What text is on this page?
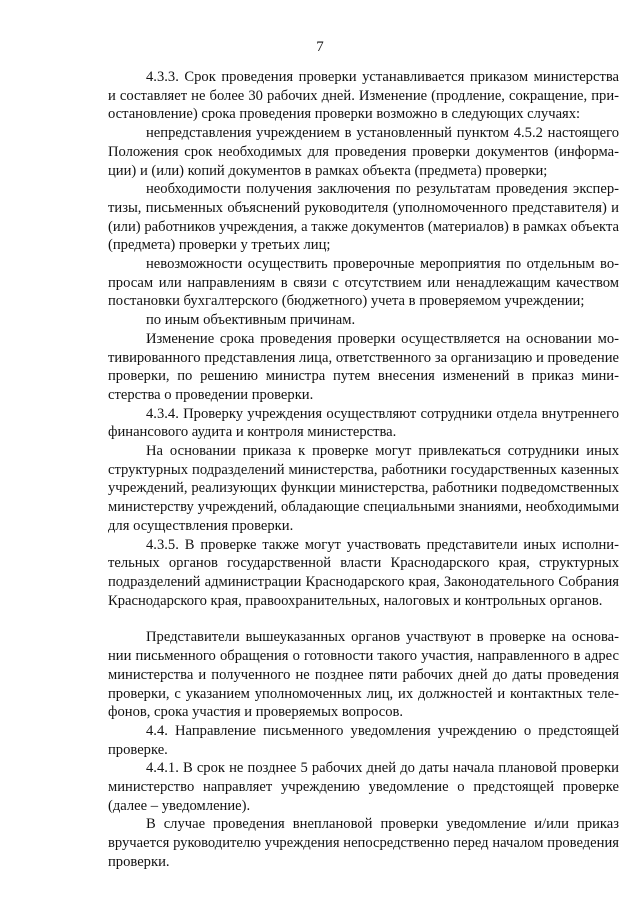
7

4.3.3. Срок проведения проверки устанавливается приказом министерства и составляет не более 30 рабочих дней. Изменение (продление, сокращение, приостановление) срока проведения проверки возможно в следующих случаях:

непредставления учреждением в установленный пунктом 4.5.2 настоящего Положения срок необходимых для проведения проверки документов (информации) и (или) копий документов в рамках объекта (предмета) проверки;

необходимости получения заключения по результатам проведения экспертизы, письменных объяснений руководителя (уполномоченного представителя) и (или) работников учреждения, а также документов (материалов) в рамках объекта (предмета) проверки у третьих лиц;

невозможности осуществить проверочные мероприятия по отдельным вопросам или направлениям в связи с отсутствием или ненадлежащим качеством постановки бухгалтерского (бюджетного) учета в проверяемом учреждении;

по иным объективным причинам.

Изменение срока проведения проверки осуществляется на основании мотивированного представления лица, ответственного за организацию и проведение проверки, по решению министра путем внесения изменений в приказ министерства о проведении проверки.

4.3.4. Проверку учреждения осуществляют сотрудники отдела внутреннего финансового аудита и контроля министерства.

На основании приказа к проверке могут привлекаться сотрудники иных структурных подразделений министерства, работники государственных казенных учреждений, реализующих функции министерства, работники подведомственных министерству учреждений, обладающие специальными знаниями, необходимыми для осуществления проверки.

4.3.5. В проверке также могут участвовать представители иных исполнительных органов государственной власти Краснодарского края, структурных подразделений администрации Краснодарского края, Законодательного Собрания Краснодарского края, правоохранительных, налоговых и контрольных органов.

Представители вышеуказанных органов участвуют в проверке на основании письменного обращения о готовности такого участия, направленного в адрес министерства и полученного не позднее пяти рабочих дней до даты проведения проверки, с указанием уполномоченных лиц, их должностей и контактных телефонов, срока участия и проверяемых вопросов.

4.4. Направление письменного уведомления учреждению о предстоящей проверке.

4.4.1. В срок не позднее 5 рабочих дней до даты начала плановой проверки министерство направляет учреждению уведомление о предстоящей проверке (далее – уведомление).

В случае проведения внеплановой проверки уведомление и/или приказ вручается руководителю учреждения непосредственно перед началом проведения проверки.
